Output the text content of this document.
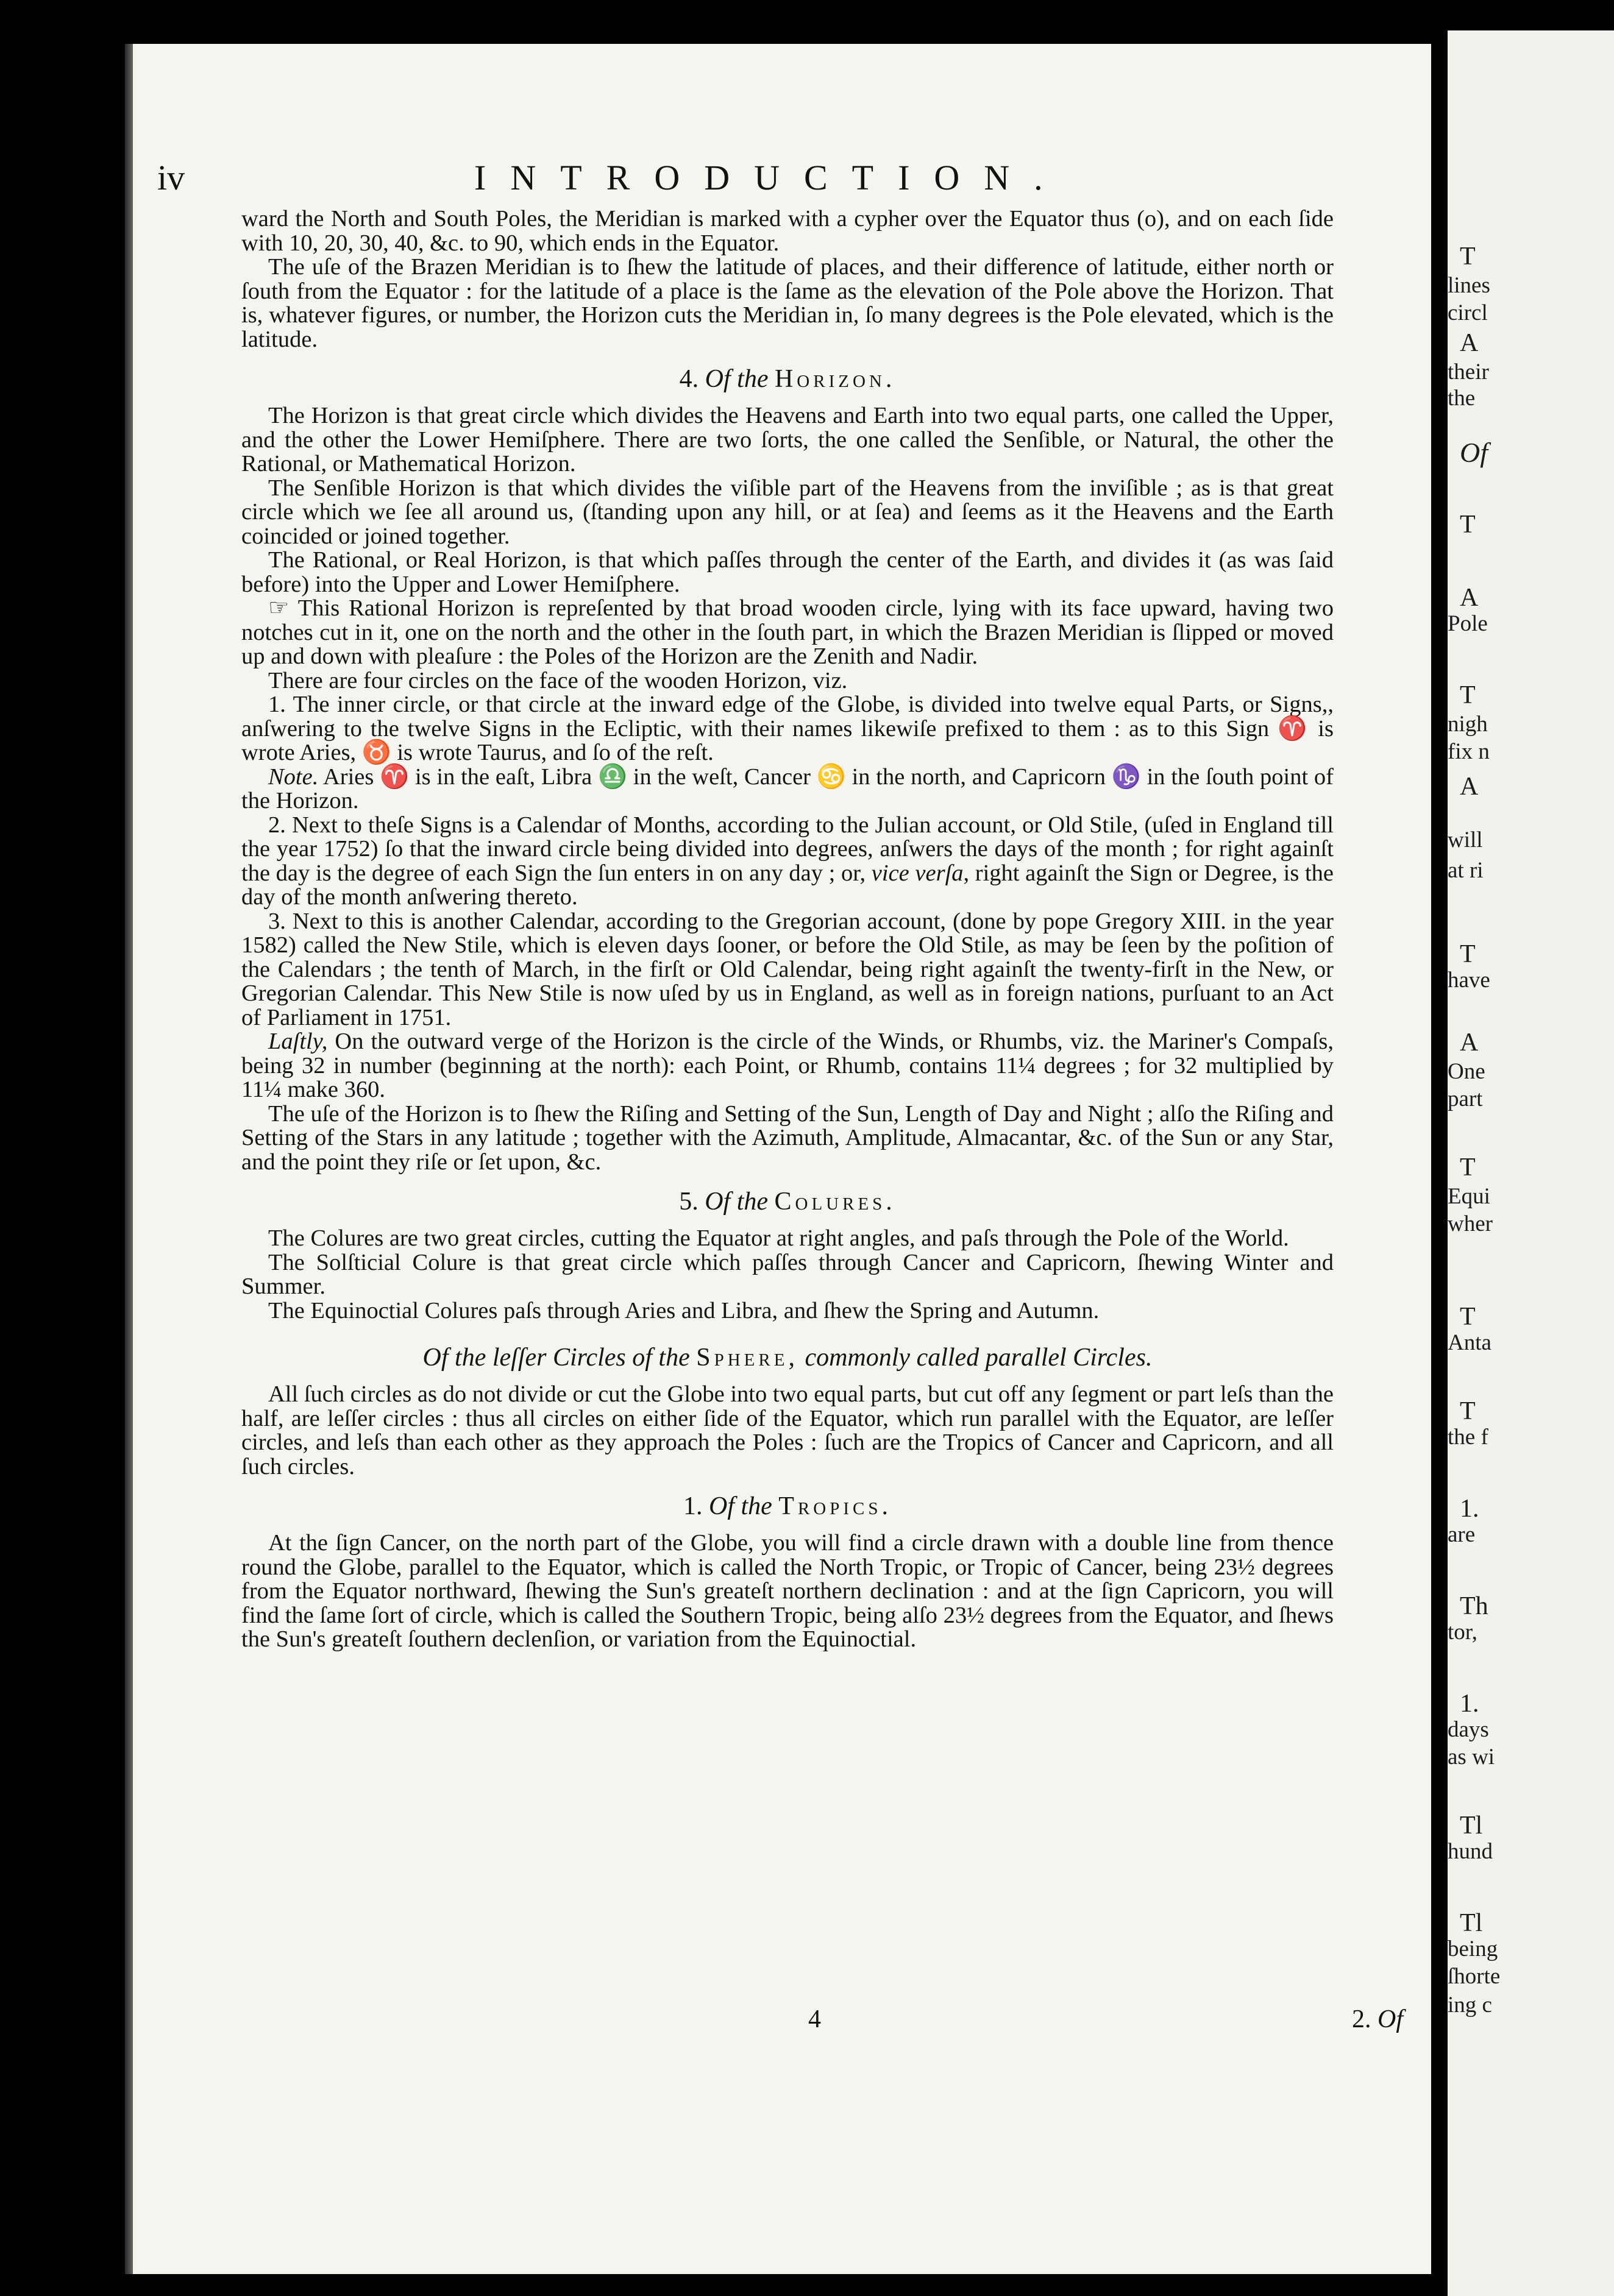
iv	INTRODUCTION.

ward the North and South Poles, the Meridian is marked with a cypher over the Equator thus (o), and on each ſide with 10, 20, 30, 40, &c. to 90, which ends in the Equator.

The uſe of the Brazen Meridian is to ſhew the latitude of places, and their difference of latitude, either north or ſouth from the Equator : for the latitude of a place is the ſame as the elevation of the Pole above the Horizon. That is, whatever figures, or number, the Horizon cuts the Meridian in, ſo many degrees is the Pole elevated, which is the latitude.

4. Of the Horizon.

The Horizon is that great circle which divides the Heavens and Earth into two equal parts, one called the Upper, and the other the Lower Hemiſphere. There are two ſorts, the one called the Senſible, or Natural, the other the Rational, or Mathematical Horizon.

The Senſible Horizon is that which divides the viſible part of the Heavens from the inviſible ; as is that great circle which we ſee all around us, (ſtanding upon any hill, or at ſea) and ſeems as it the Heavens and the Earth coincided or joined together.

The Rational, or Real Horizon, is that which paſſes through the center of the Earth, and divides it (as was ſaid before) into the Upper and Lower Hemiſphere.

☞ This Rational Horizon is repreſented by that broad wooden circle, lying with its face upward, having two notches cut in it, one on the north and the other in the ſouth part, in which the Brazen Meridian is ſlipped or moved up and down with pleaſure : the Poles of the Horizon are the Zenith and Nadir.

There are four circles on the face of the wooden Horizon, viz.

1. The inner circle, or that circle at the inward edge of the Globe, is divided into twelve equal Parts, or Signs,, anſwering to the twelve Signs in the Ecliptic, with their names likewiſe prefixed to them : as to this Sign ♈ is wrote Aries, ♉ is wrote Taurus, and ſo of the reſt.

Note. Aries ♈ is in the eaſt, Libra ♎ in the weſt, Cancer ♋ in the north, and Capricorn ♑ in the ſouth point of the Horizon.

2. Next to theſe Signs is a Calendar of Months, according to the Julian account, or Old Stile, (uſed in England till the year 1752) ſo that the inward circle being divided into degrees, anſwers the days of the month ; for right againſt the day is the degree of each Sign the ſun enters in on any day ; or, vice verſa, right againſt the Sign or Degree, is the day of the month anſwering thereto.

3. Next to this is another Calendar, according to the Gregorian account, (done by pope Gregory XIII. in the year 1582) called the New Stile, which is eleven days ſooner, or before the Old Stile, as may be ſeen by the poſition of the Calendars ; the tenth of March, in the firſt or Old Calendar, being right againſt the twenty-firſt in the New, or Gregorian Calendar. This New Stile is now uſed by us in England, as well as in foreign nations, purſuant to an Act of Parliament in 1751.

Laſtly, On the outward verge of the Horizon is the circle of the Winds, or Rhumbs, viz. the Mariner's Compaſs, being 32 in number (beginning at the north): each Point, or Rhumb, contains 11¼ degrees ; for 32 multiplied by 11¼ make 360.

The uſe of the Horizon is to ſhew the Riſing and Setting of the Sun, Length of Day and Night ; alſo the Riſing and Setting of the Stars in any latitude ; together with the Azimuth, Amplitude, Almacantar, &c. of the Sun or any Star, and the point they riſe or ſet upon, &c.

5. Of the Colures.

The Colures are two great circles, cutting the Equator at right angles, and paſs through the Pole of the World.

The Solſticial Colure is that great circle which paſſes through Cancer and Capricorn, ſhewing Winter and Summer.

The Equinoctial Colures paſs through Aries and Libra, and ſhew the Spring and Autumn.

Of the leſſer Circles of the Sphere, commonly called parallel Circles.

All ſuch circles as do not divide or cut the Globe into two equal parts, but cut off any ſegment or part leſs than the half, are leſſer circles : thus all circles on either ſide of the Equator, which run parallel with the Equator, are leſſer circles, and leſs than each other as they approach the Poles : ſuch are the Tropics of Cancer and Capricorn, and all ſuch circles.

1. Of the Tropics.

At the ſign Cancer, on the north part of the Globe, you will find a circle drawn with a double line from thence round the Globe, parallel to the Equator, which is called the North Tropic, or Tropic of Cancer, being 23½ degrees from the Equator northward, ſhewing the Sun's greateſt northern declination : and at the ſign Capricorn, you will find the ſame ſort of circle, which is called the Southern Tropic, being alſo 23½ degrees from the Equator, and ſhews the Sun's greateſt ſouthern declenſion, or variation from the Equinoctial.

4	2. Of
T
lines
circl
A
their
the
Of
T
A
Pole
T
nigh
fix n
A
will
at ri
T
have
A
One
part
T
Equi
wher
T
Anta
T
the f
1.
are
Th
tor,
1.
days
as wi
Tl
hund
Tl
being
ſhorte
ing c
